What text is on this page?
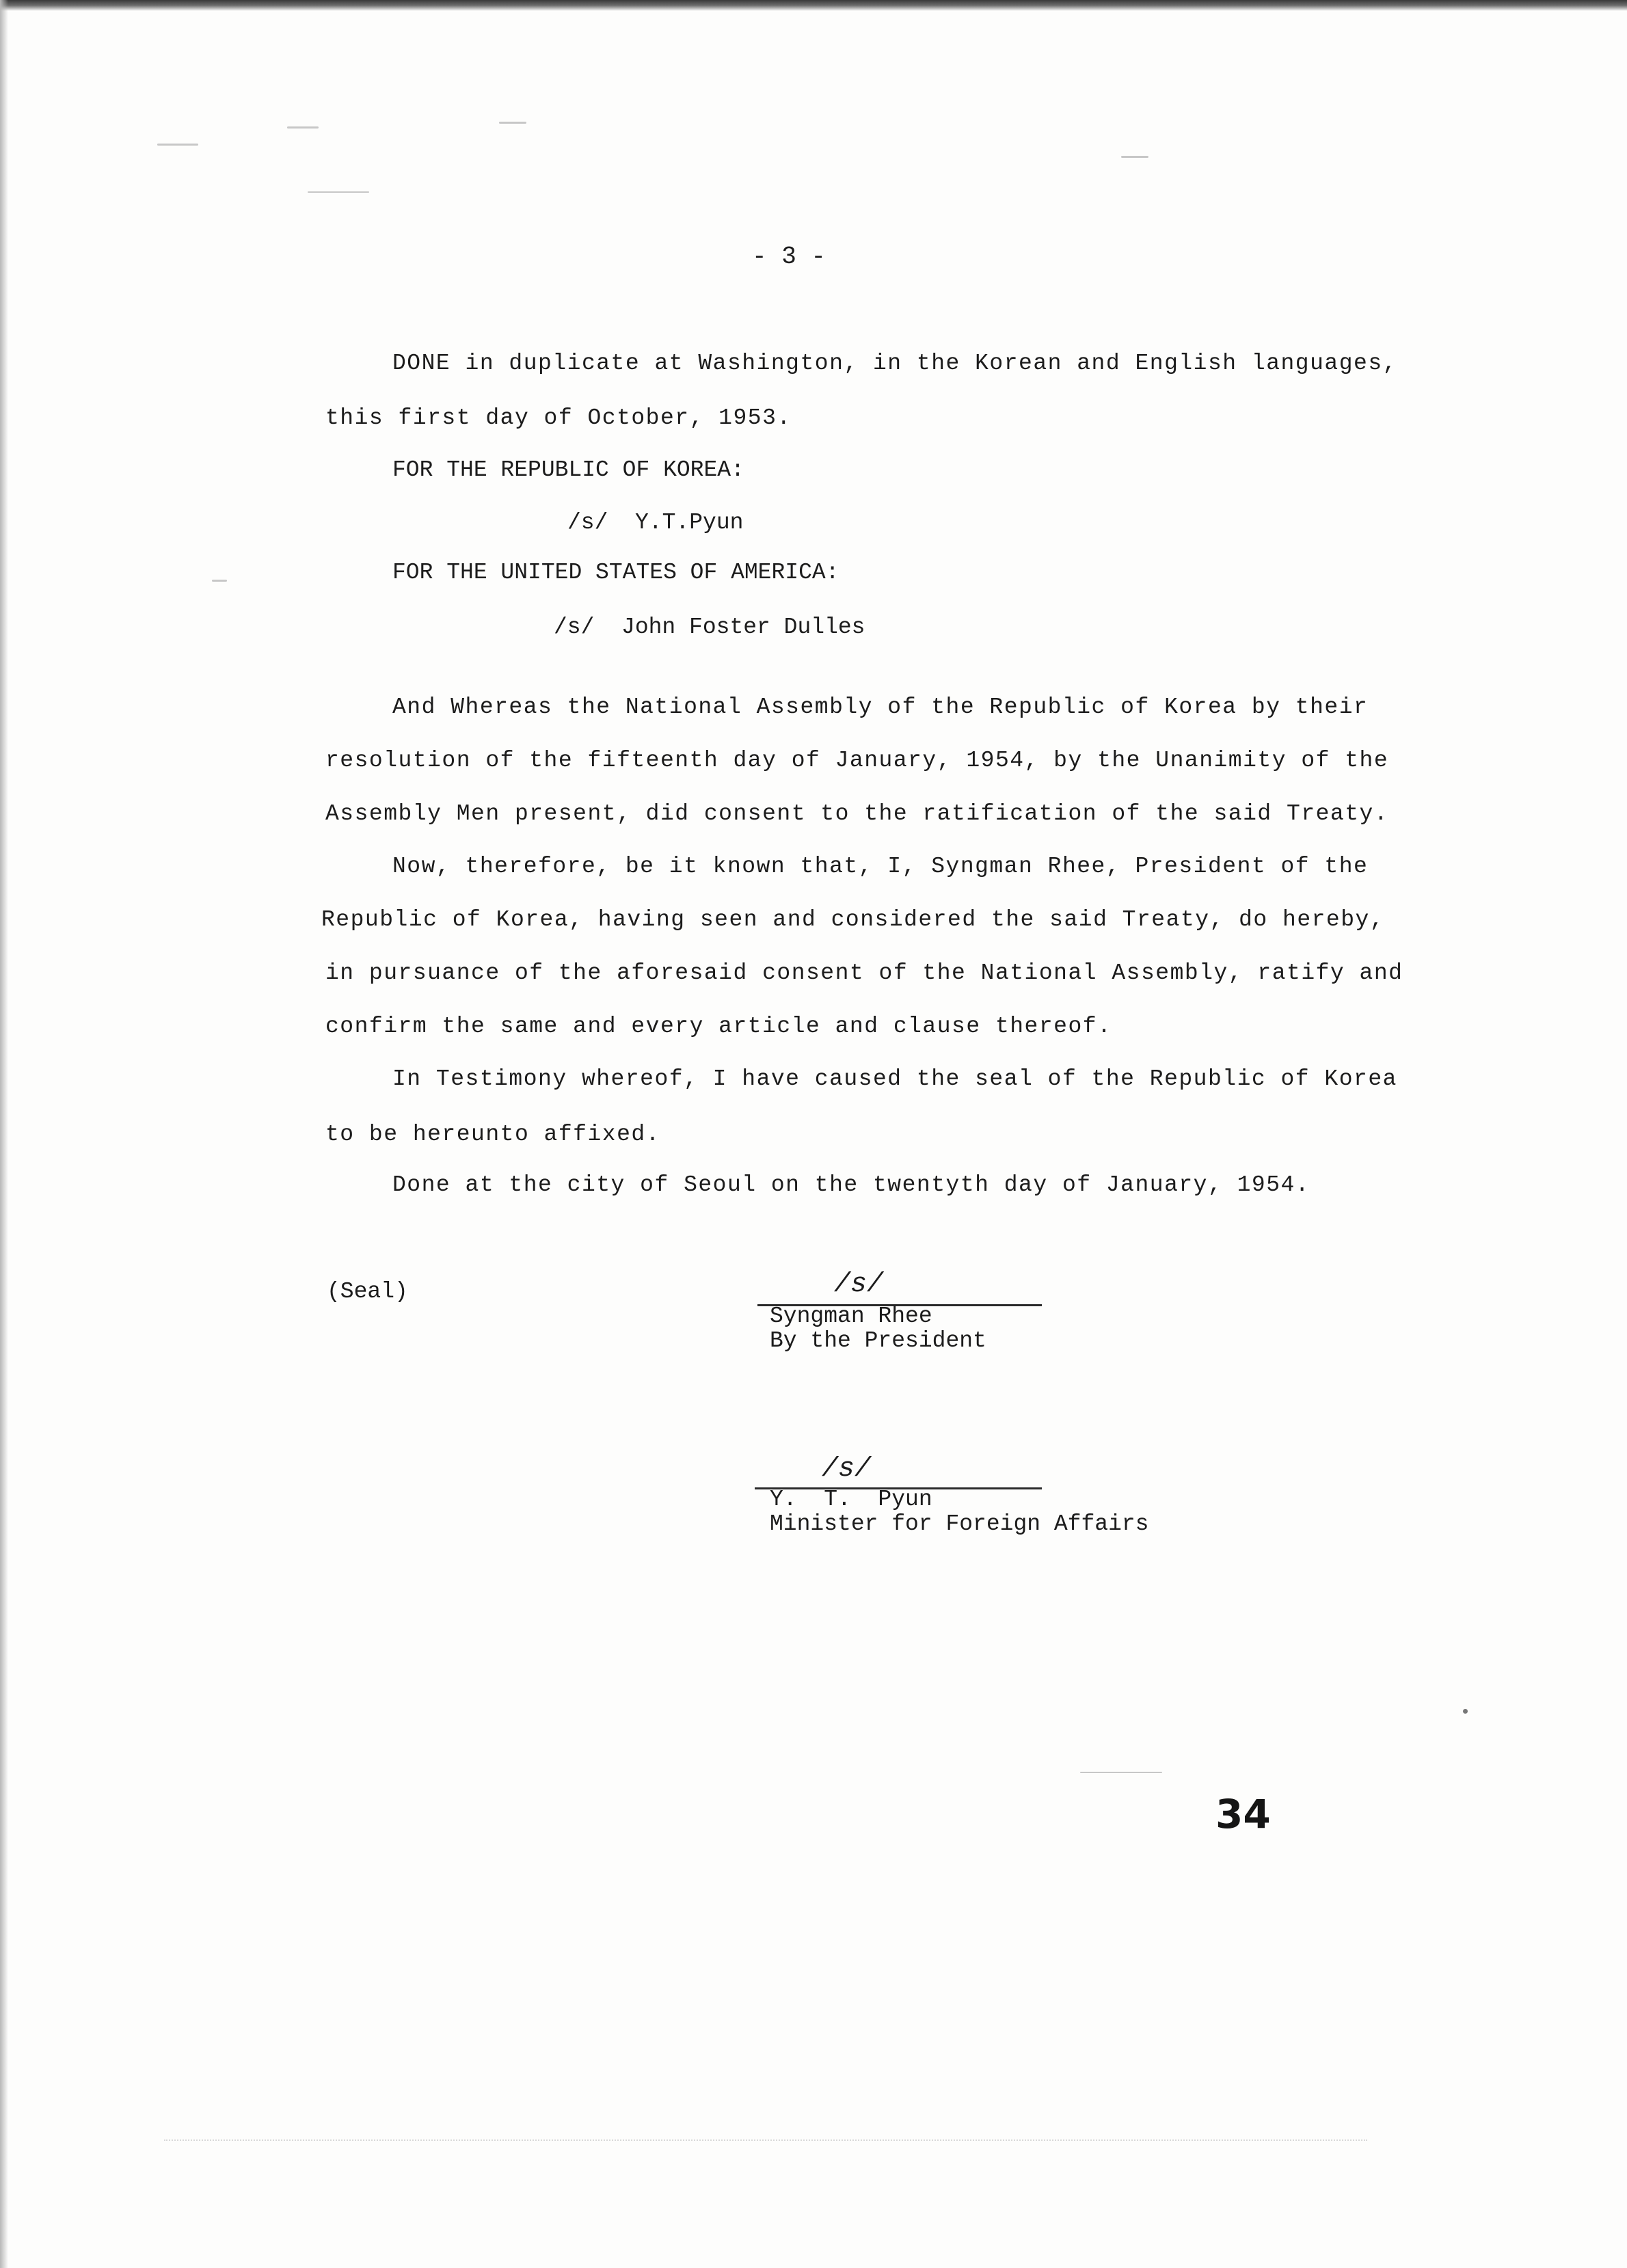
- 3 -
DONE in duplicate at Washington, in the Korean and English languages,
this first day of October, 1953.
FOR THE REPUBLIC OF KOREA:
/s/  Y.T.Pyun
FOR THE UNITED STATES OF AMERICA:
/s/  John Foster Dulles
And Whereas the National Assembly of the Republic of Korea by their
resolution of the fifteenth day of January, 1954, by the Unanimity of the
Assembly Men present, did consent to the ratification of the said Treaty.
Now, therefore, be it known that, I, Syngman Rhee, President of the
Republic of Korea, having seen and considered the said Treaty, do hereby,
in pursuance of the aforesaid consent of the National Assembly, ratify and
confirm the same and every article and clause thereof.
In Testimony whereof, I have caused the seal of the Republic of Korea
to be hereunto affixed.
Done at the city of Seoul on the twentyth day of January, 1954.
(Seal)	/s/
Syngman Rhee
By the President
/s/
Y.  T.  Pyun
Minister for Foreign Affairs
34
